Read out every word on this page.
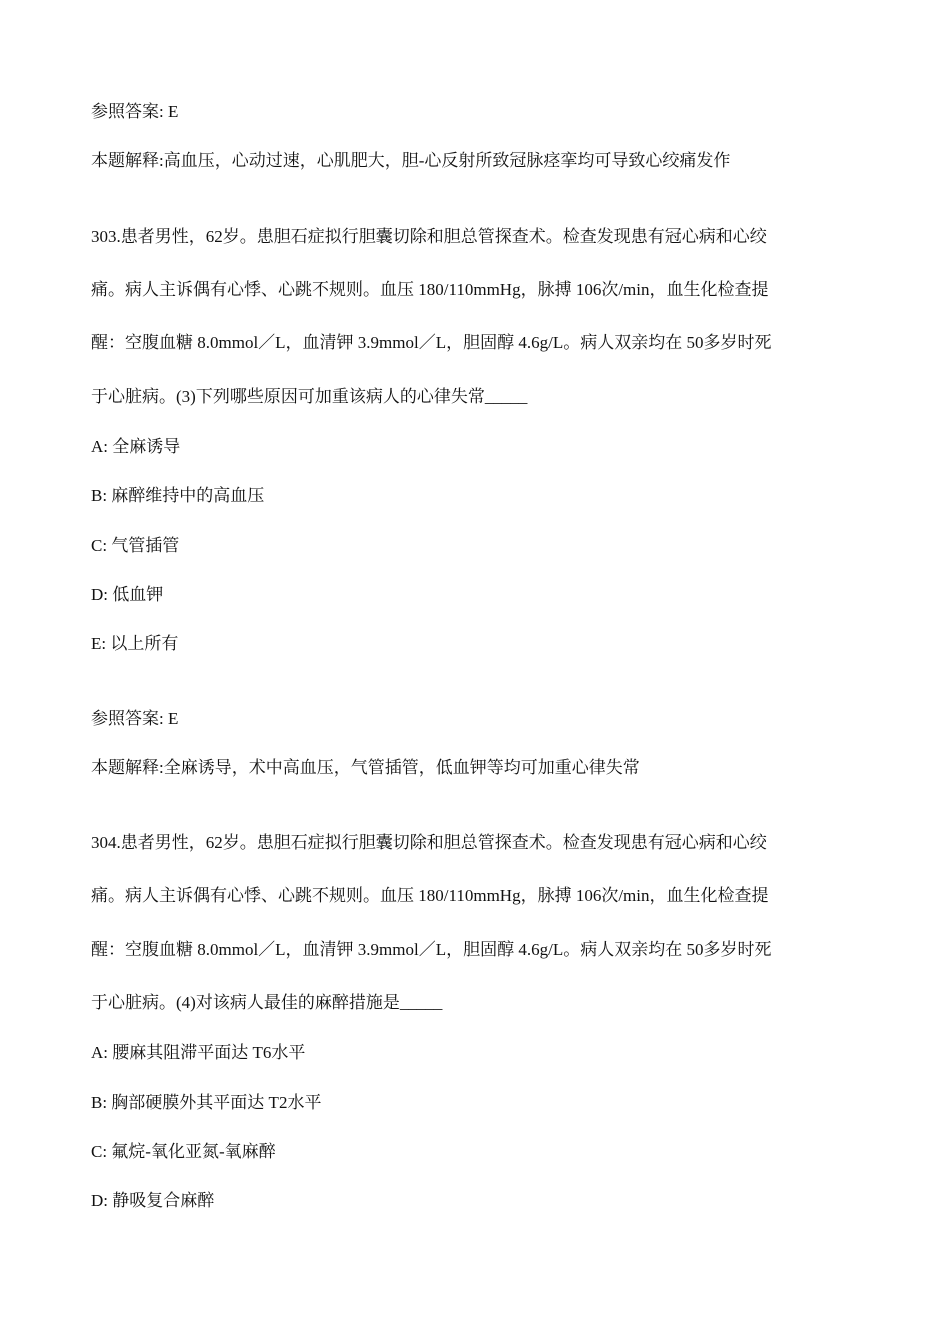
参照答案: E
本题解释:高血压，心动过速，心肌肥大，胆-心反射所致冠脉痉挛均可导致心绞痛发作
303.患者男性，62岁。患胆石症拟行胆囊切除和胆总管探查术。检查发现患有冠心病和心绞
痛。病人主诉偶有心悸、心跳不规则。血压 180/110mmHg，脉搏 106次/min，血生化检查提
醒：空腹血糖 8.0mmol／L，血清钾 3.9mmol／L，胆固醇 4.6g/L。病人双亲均在 50多岁时死
于心脏病。(3)下列哪些原因可加重该病人的心律失常_____
A: 全麻诱导
B: 麻醉维持中的高血压
C: 气管插管
D: 低血钾
E: 以上所有
参照答案: E
本题解释:全麻诱导，术中高血压，气管插管，低血钾等均可加重心律失常
304.患者男性，62岁。患胆石症拟行胆囊切除和胆总管探查术。检查发现患有冠心病和心绞
痛。病人主诉偶有心悸、心跳不规则。血压 180/110mmHg，脉搏 106次/min，血生化检查提
醒：空腹血糖 8.0mmol／L，血清钾 3.9mmol／L，胆固醇 4.6g/L。病人双亲均在 50多岁时死
于心脏病。(4)对该病人最佳的麻醉措施是_____
A: 腰麻其阻滞平面达 T6水平
B: 胸部硬膜外其平面达 T2水平
C: 氟烷-氧化亚氮-氧麻醉
D: 静吸复合麻醉
